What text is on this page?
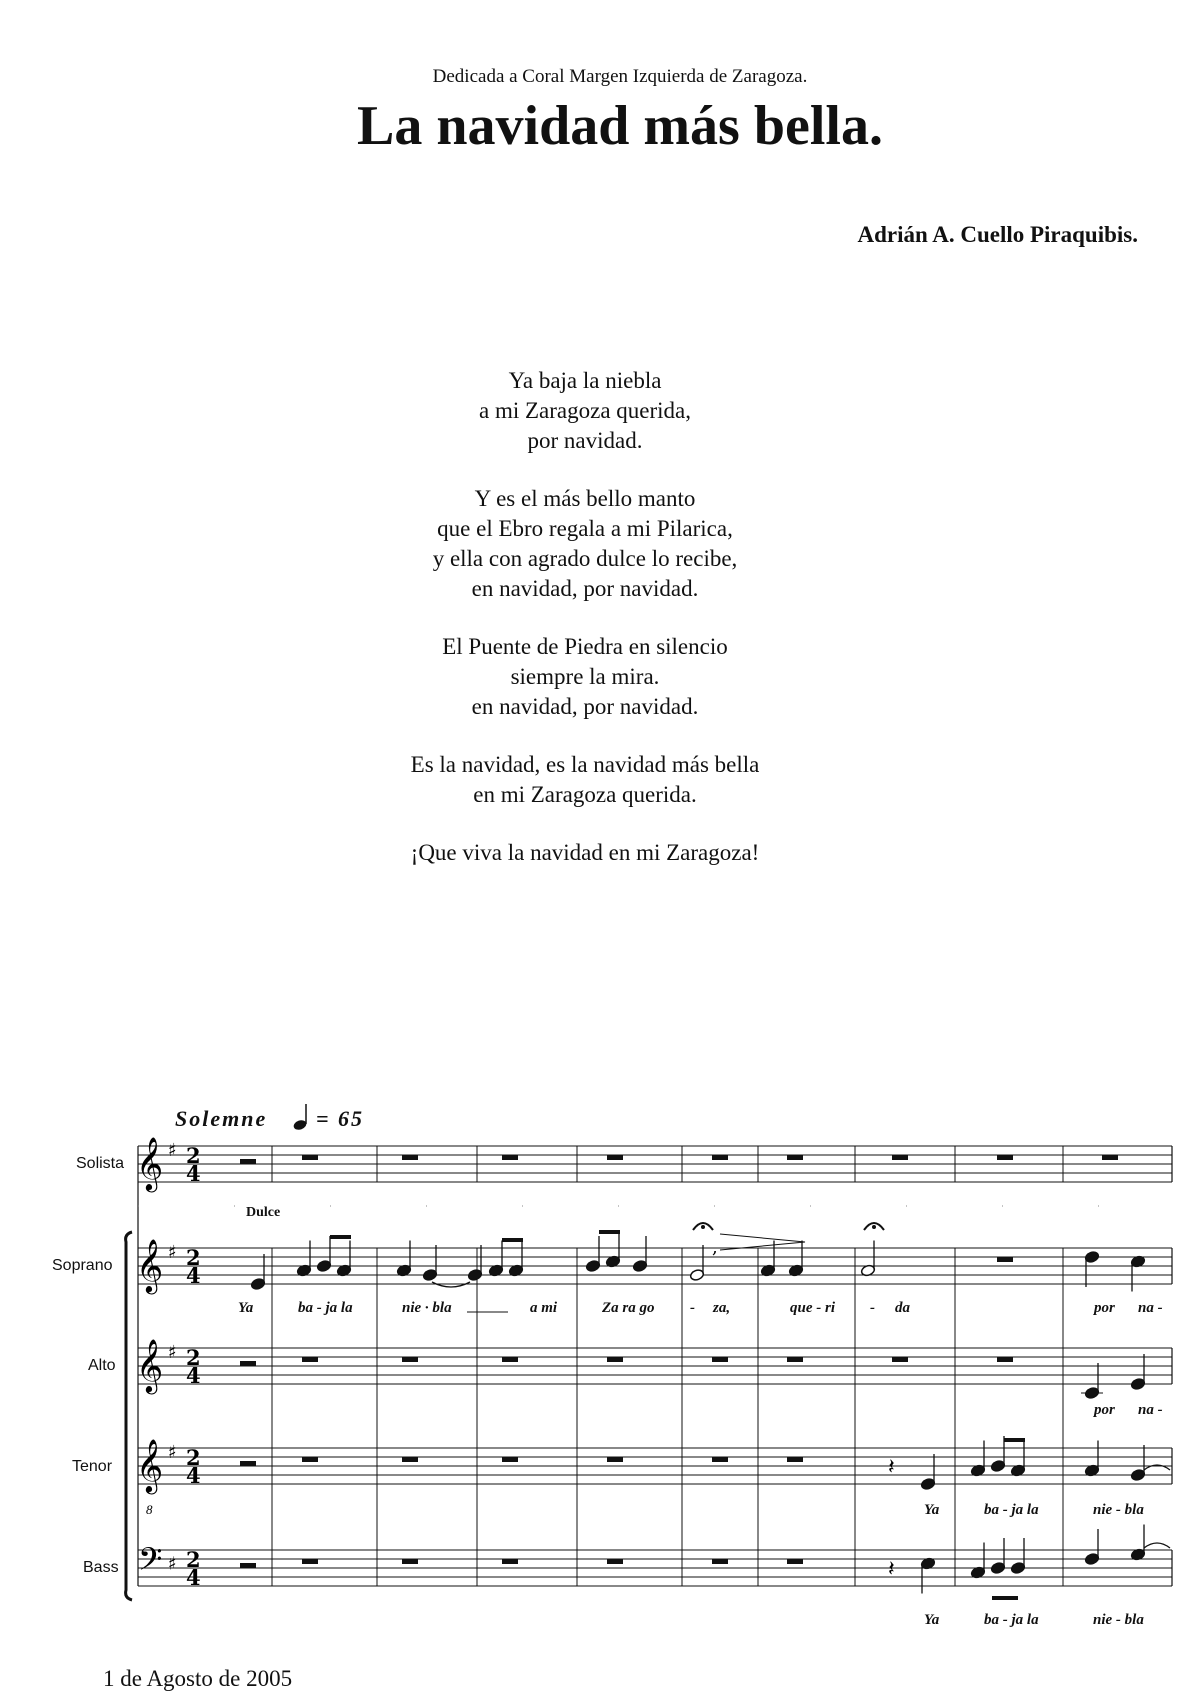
Dedicada a Coral Margen Izquierda de Zaragoza.
La navidad más bella.
Adrián A. Cuello Piraquibis.
Ya baja la niebla
a mi Zaragoza querida,
por navidad.
Y es el más bello manto
que el Ebro regala a mi Pilarica,
y ella con agrado dulce lo recibe,
en navidad, por navidad.
El Puente de Piedra en silencio
siempre la mira.
en navidad, por navidad.
Es la navidad, es la navidad más bella
en mi Zaragoza querida.
¡Que viva la navidad en mi Zaragoza!
Solemne = 65
Dulce
Solista
Soprano
Alto
Tenor
Bass
𝄞 ♯ 2
4
𝄞 ♯ 2
4
𝄞 ♯ 2
4
𝄞
8
♯ 2
4
𝄢 ♯ 2
4
,
𝄽
𝄽
Ya	ba - ja la	nie · bla	a mi	Za ra go - za,	que - ri - da	por na -
por na -
Ya	ba - ja la	nie - bla
Ya	ba - ja la	nie - bla
1 de Agosto de 2005
